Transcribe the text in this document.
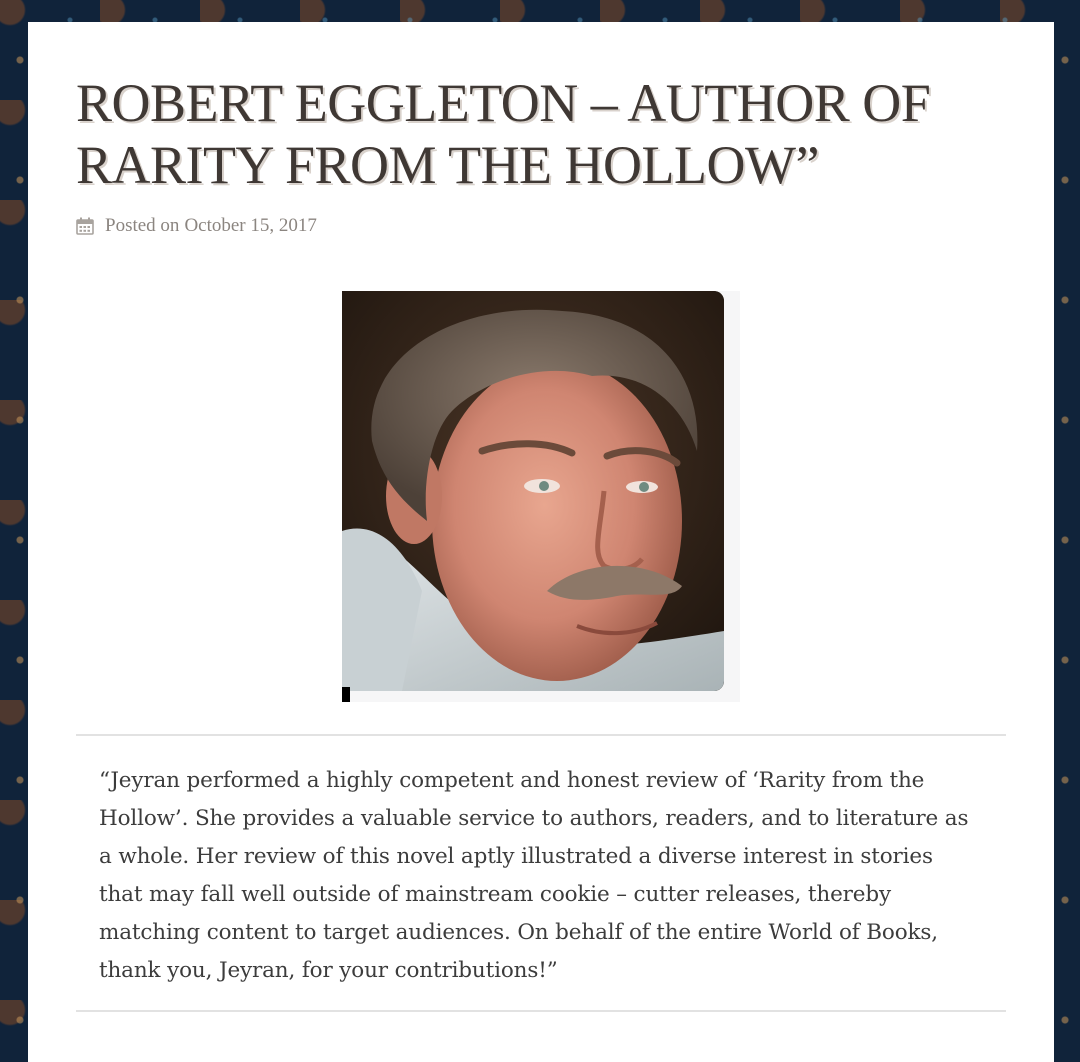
ROBERT EGGLETON – AUTHOR OF RARITY FROM THE HOLLOW”
Posted on October 15, 2017

“Jeyran performed a highly competent and honest review of ‘Rarity from the Hollow’. She provides a valuable service to authors, readers, and to literature as a whole. Her review of this novel aptly illustrated a diverse interest in stories that may fall well outside of mainstream cookie – cutter releases, thereby matching content to target audiences. On behalf of the entire World of Books, thank you, Jeyran, for your contributions!”
